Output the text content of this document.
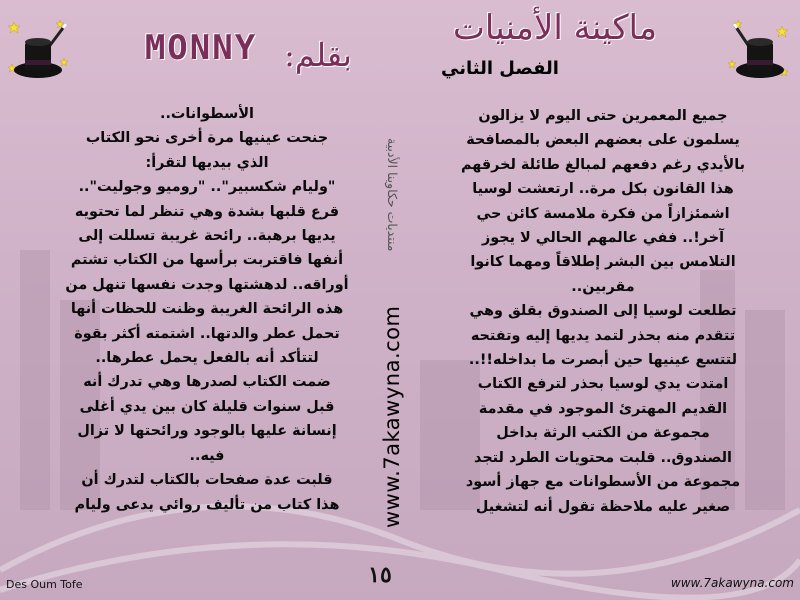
ماكينة الأمنيات
الفصل الثاني
بقلم:
MONNY
جميع المعمرين حتى اليوم لا يزالون
يسلمون على بعضهم البعض بالمصافحة
بالأيدي رغم دفعهم لمبالغ طائلة لخرقهم
هذا القانون بكل مرة.. ارتعشت لوسيا
اشمئزازاً من فكرة ملامسة كائن حي
آخر!.. ففي عالمهم الحالي لا يجوز
التلامس بين البشر إطلاقاً ومهما كانوا
مقربين..
تطلعت لوسيا إلى الصندوق بقلق وهي
تتقدم منه بحذر لتمد يديها إليه وتفتحه
لتتسع عينيها حين أبصرت ما بداخله!!..
امتدت يدي لوسيا بحذر لترفع الكتاب
القديم المهترئ الموجود في مقدمة
مجموعة من الكتب الرثة بداخل
الصندوق.. قلبت محتويات الطرد لتجد
مجموعة من الأسطوانات مع جهاز أسود
صغير عليه ملاحظة تقول أنه لتشغيل
الأسطوانات..
جنحت عينيها مرة أخرى نحو الكتاب
الذي بيديها لتقرأ:
"وليام شكسبير".. "روميو وجوليت"..
قرع قلبها بشدة وهي تنظر لما تحتويه
يديها برهبة.. رائحة غريبة تسللت إلى
أنفها فاقتربت برأسها من الكتاب تشتم
أوراقه.. لدهشتها وجدت نفسها تنهل من
هذه الرائحة الغريبة وظنت للحظات أنها
تحمل عطر والدتها.. اشتمته أكثر بقوة
لتتأكد أنه بالفعل يحمل عطرها..
ضمت الكتاب لصدرها وهي تدرك أنه
قبل سنوات قليلة كان بين يدي أغلى
إنسانة عليها بالوجود ورائحتها لا تزال
فيه..
قلبت عدة صفحات بالكتاب لتدرك أن
هذا كتاب من تأليف روائي يدعى وليام
منتديات حكاوينا الأدبية
www.7akawyna.com
١٥
Des Oum Tofe	www.7akawyna.com
